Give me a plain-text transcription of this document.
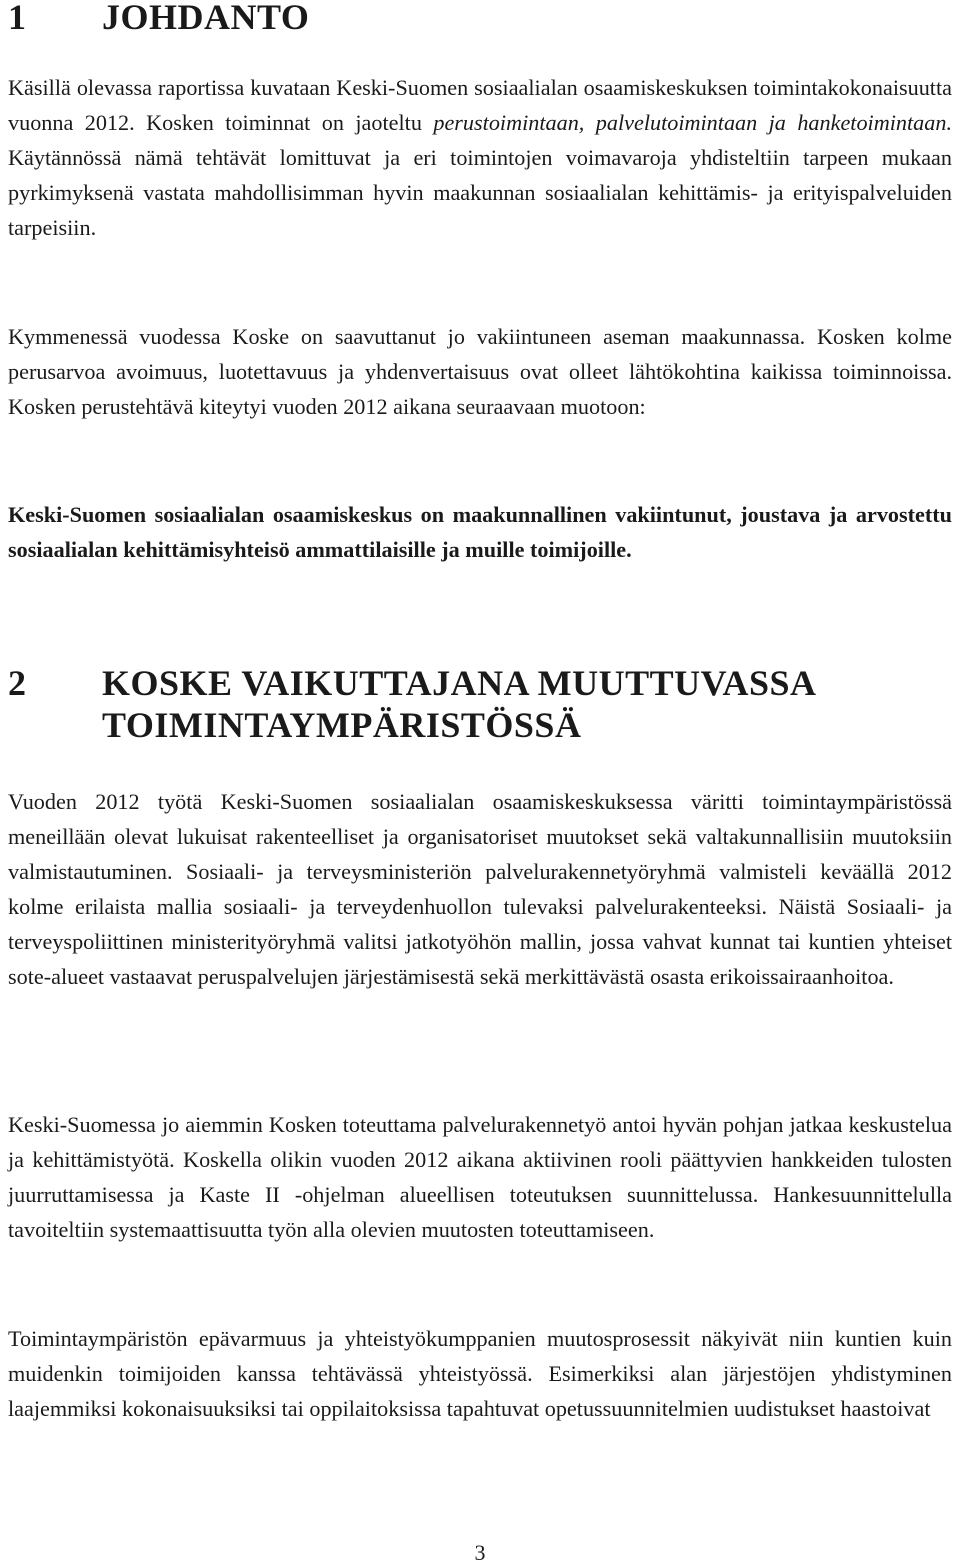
1	JOHDANTO

Käsillä olevassa raportissa kuvataan Keski-Suomen sosiaalialan osaamiskeskuksen toimintakokonaisuutta vuonna 2012. Kosken toiminnat on jaoteltu perustoimintaan, palvelutoimintaan ja hanketoimintaan. Käytännössä nämä tehtävät lomittuvat ja eri toimintojen voimavaroja yhdisteltiin tarpeen mukaan pyrkimyksenä vastata mahdollisimman hyvin maakunnan sosiaalialan kehittämis- ja erityispalveluiden tarpeisiin.

Kymmenessä vuodessa Koske on saavuttanut jo vakiintuneen aseman maakunnassa. Kosken kolme perusarvoa avoimuus, luotettavuus ja yhdenvertaisuus ovat olleet lähtökohtina kaikissa toiminnoissa. Kosken perustehtävä kiteytyi vuoden 2012 aikana seuraavaan muotoon:

Keski-Suomen sosiaalialan osaamiskeskus on maakunnallinen vakiintunut, joustava ja arvostettu sosiaalialan kehittämisyhteisö ammattilaisille ja muille toimijoille.

2	KOSKE VAIKUTTAJANA MUUTTUVASSA
TOIMINTAYMPÄRISTÖSSÄ

Vuoden 2012 työtä Keski-Suomen sosiaalialan osaamiskeskuksessa väritti toimintaympäristössä meneillään olevat lukuisat rakenteelliset ja organisatoriset muutokset sekä valtakunnallisiin muutoksiin valmistautuminen. Sosiaali- ja terveysministeriön palvelurakennetyöryhmä valmisteli keväällä 2012 kolme erilaista mallia sosiaali- ja terveydenhuollon tulevaksi palvelurakenteeksi. Näistä Sosiaali- ja terveyspoliittinen ministerityöryhmä valitsi jatkotyöhön mallin, jossa vahvat kunnat tai kuntien yhteiset sote-alueet vastaavat peruspalvelujen järjestämisestä sekä merkittävästä osasta erikoissairaanhoitoa.

Keski-Suomessa jo aiemmin Kosken toteuttama palvelurakennetyö antoi hyvän pohjan jatkaa keskustelua ja kehittämistyötä. Koskella olikin vuoden 2012 aikana aktiivinen rooli päättyvien hankkeiden tulosten juurruttamisessa ja Kaste II -ohjelman alueellisen toteutuksen suunnittelussa. Hankesuunnittelulla tavoiteltiin systemaattisuutta työn alla olevien muutosten toteuttamiseen.

Toimintaympäristön epävarmuus ja yhteistyökumppanien muutosprosessit näkyivät niin kuntien kuin muidenkin toimijoiden kanssa tehtävässä yhteistyössä. Esimerkiksi alan järjestöjen yhdistyminen laajemmiksi kokonaisuuksiksi tai oppilaitoksissa tapahtuvat opetussuunnitelmien uudistukset haastoivat

3
